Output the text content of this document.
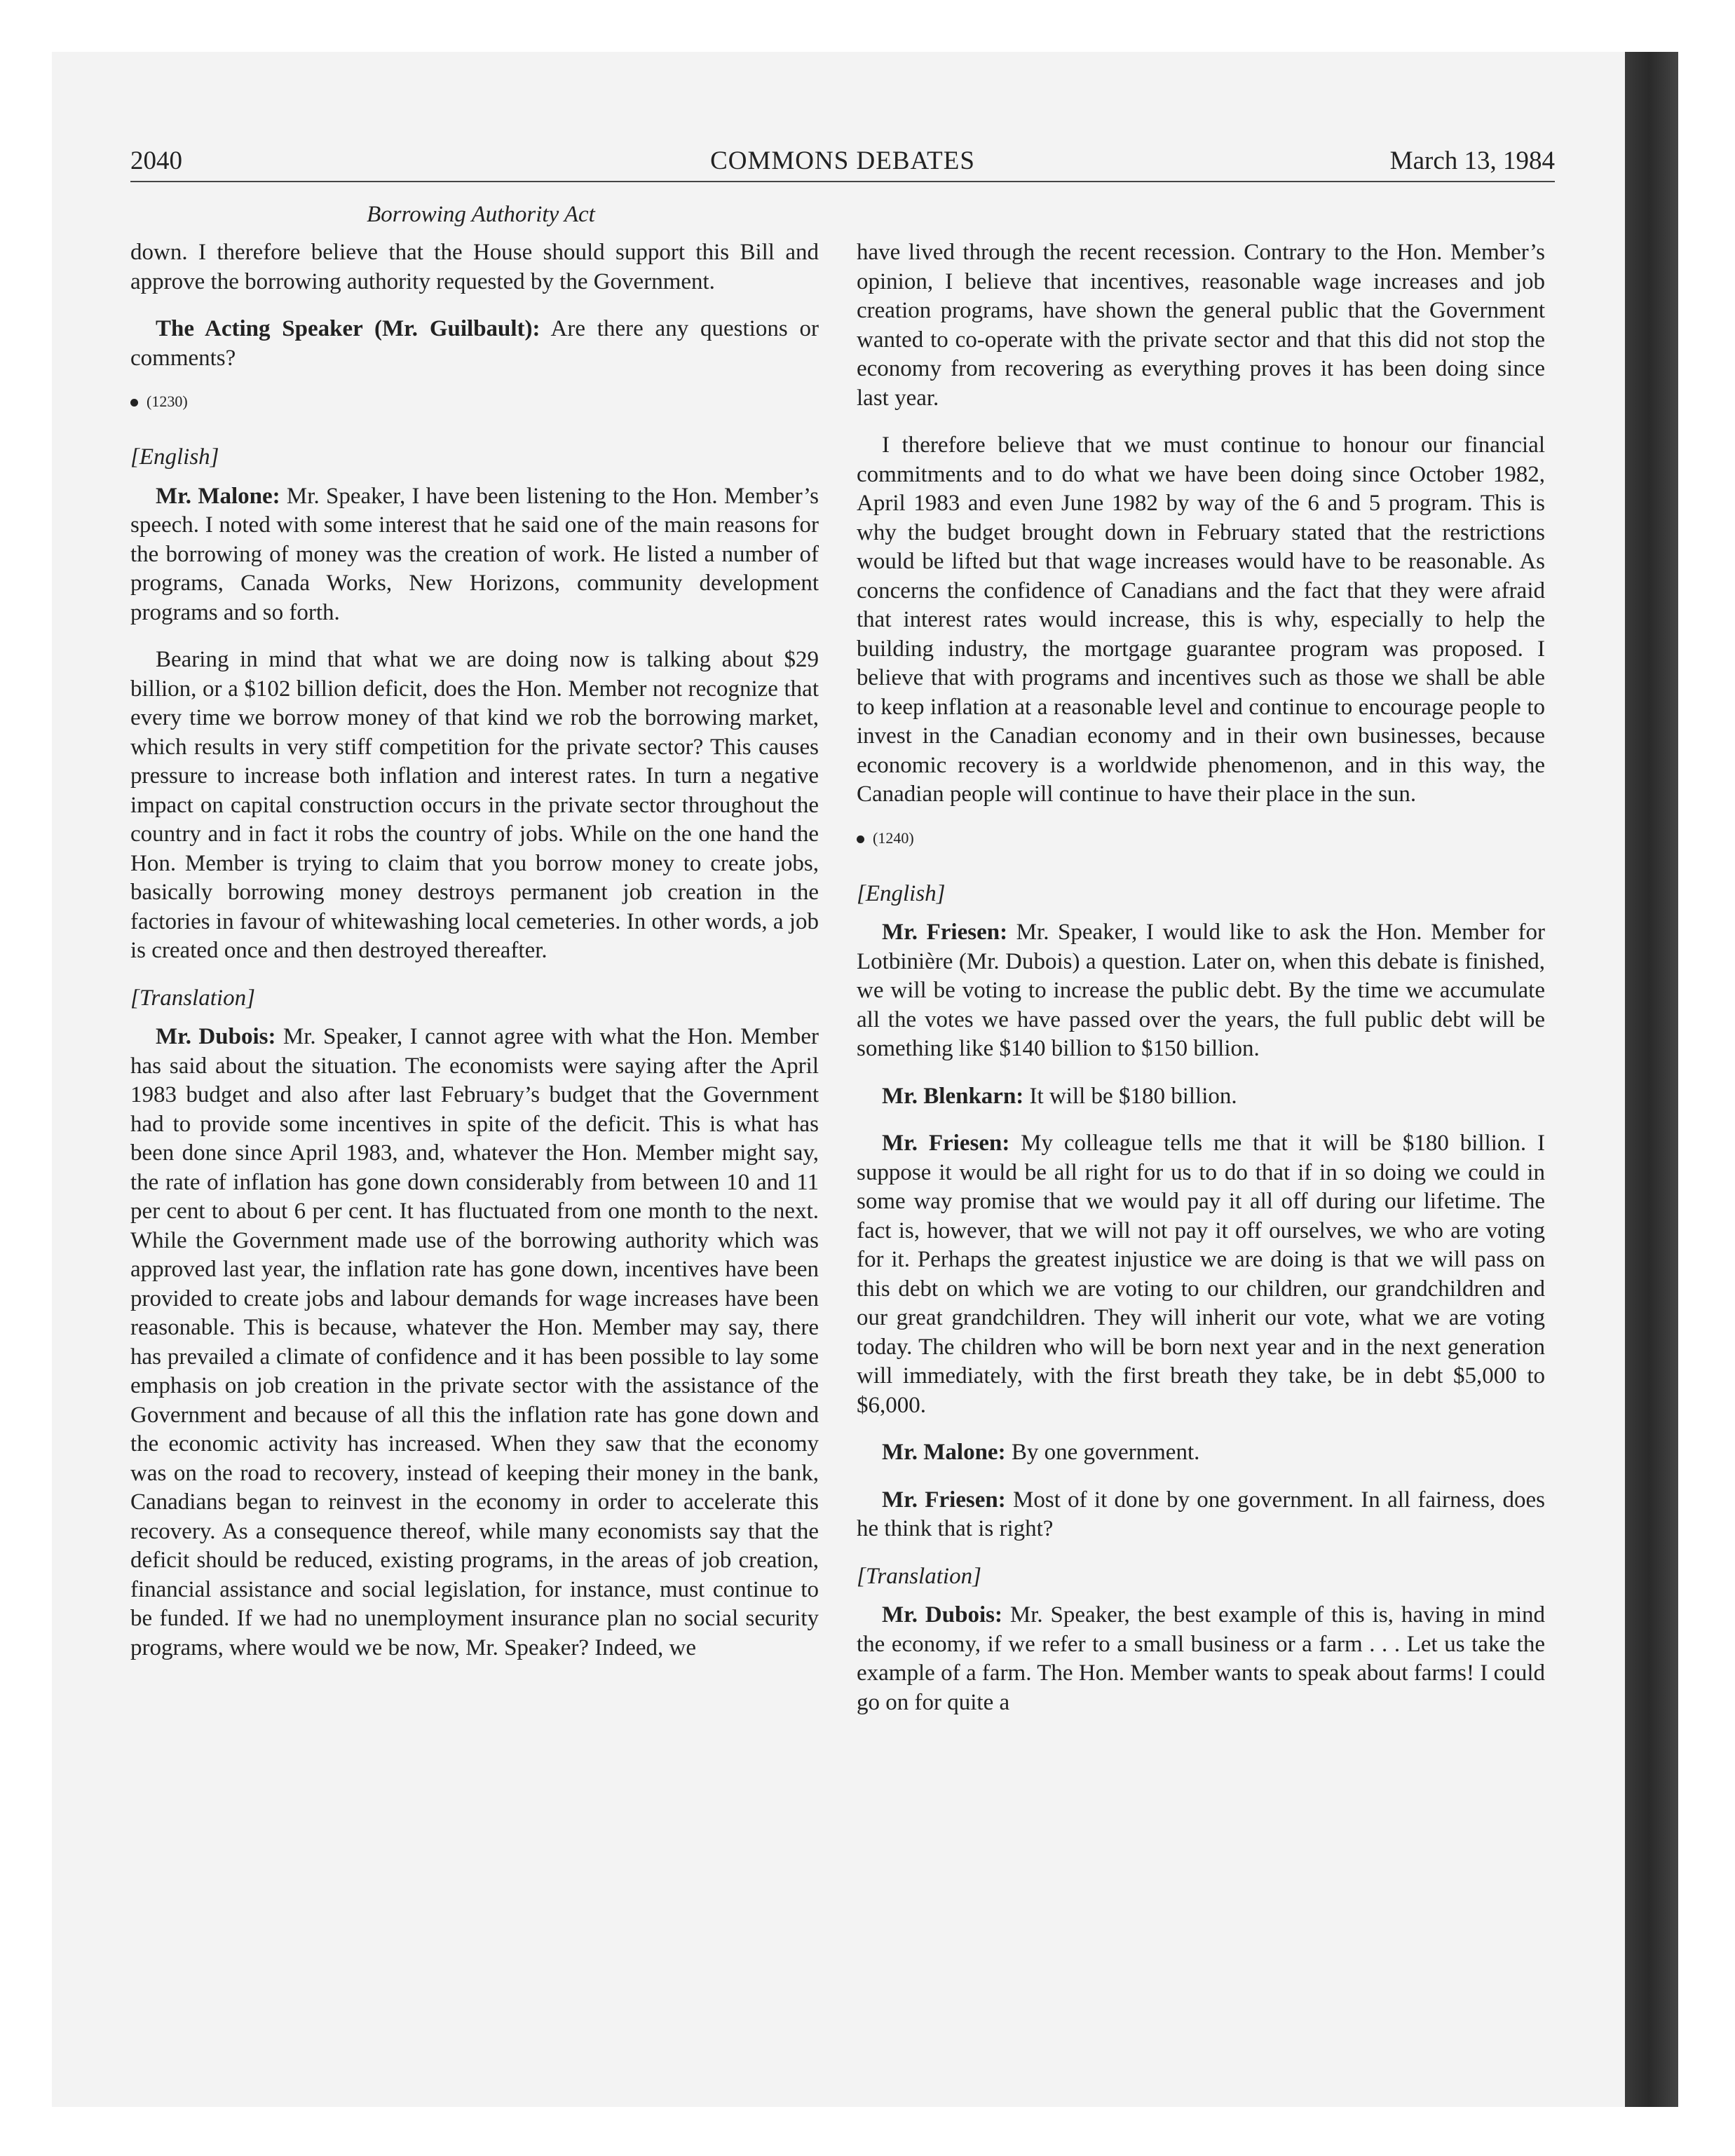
2040	COMMONS DEBATES	March 13, 1984
Borrowing Authority Act

down. I therefore believe that the House should support this Bill and approve the borrowing authority requested by the Government.

The Acting Speaker (Mr. Guilbault): Are there any questions or comments?

(1230)

[English]

Mr. Malone: Mr. Speaker, I have been listening to the Hon. Member’s speech. I noted with some interest that he said one of the main reasons for the borrowing of money was the creation of work. He listed a number of programs, Canada Works, New Horizons, community development programs and so forth.

Bearing in mind that what we are doing now is talking about $29 billion, or a $102 billion deficit, does the Hon. Member not recognize that every time we borrow money of that kind we rob the borrowing market, which results in very stiff competition for the private sector? This causes pressure to increase both inflation and interest rates. In turn a negative impact on capital construction occurs in the private sector throughout the country and in fact it robs the country of jobs. While on the one hand the Hon. Member is trying to claim that you borrow money to create jobs, basically borrowing money destroys permanent job creation in the factories in favour of whitewashing local cemeteries. In other words, a job is created once and then destroyed thereafter.

[Translation]

Mr. Dubois: Mr. Speaker, I cannot agree with what the Hon. Member has said about the situation. The economists were saying after the April 1983 budget and also after last February’s budget that the Government had to provide some incentives in spite of the deficit. This is what has been done since April 1983, and, whatever the Hon. Member might say, the rate of inflation has gone down considerably from between 10 and 11 per cent to about 6 per cent. It has fluctuated from one month to the next. While the Government made use of the borrowing authority which was approved last year, the inflation rate has gone down, incentives have been provided to create jobs and labour demands for wage increases have been reasonable. This is because, whatever the Hon. Member may say, there has prevailed a climate of confidence and it has been possible to lay some emphasis on job creation in the private sector with the assistance of the Government and because of all this the inflation rate has gone down and the economic activity has increased. When they saw that the economy was on the road to recovery, instead of keeping their money in the bank, Canadians began to reinvest in the economy in order to accelerate this recovery. As a consequence thereof, while many economists say that the deficit should be reduced, existing programs, in the areas of job creation, financial assistance and social legislation, for instance, must continue to be funded. If we had no unemployment insurance plan no social security programs, where would we be now, Mr. Speaker? Indeed, we

have lived through the recent recession. Contrary to the Hon. Member’s opinion, I believe that incentives, reasonable wage increases and job creation programs, have shown the general public that the Government wanted to co-operate with the private sector and that this did not stop the economy from recovering as everything proves it has been doing since last year.

I therefore believe that we must continue to honour our financial commitments and to do what we have been doing since October 1982, April 1983 and even June 1982 by way of the 6 and 5 program. This is why the budget brought down in February stated that the restrictions would be lifted but that wage increases would have to be reasonable. As concerns the confidence of Canadians and the fact that they were afraid that interest rates would increase, this is why, especially to help the building industry, the mortgage guarantee program was proposed. I believe that with programs and incentives such as those we shall be able to keep inflation at a reasonable level and continue to encourage people to invest in the Canadian economy and in their own businesses, because economic recovery is a worldwide phenomenon, and in this way, the Canadian people will continue to have their place in the sun.

(1240)

[English]

Mr. Friesen: Mr. Speaker, I would like to ask the Hon. Member for Lotbinière (Mr. Dubois) a question. Later on, when this debate is finished, we will be voting to increase the public debt. By the time we accumulate all the votes we have passed over the years, the full public debt will be something like $140 billion to $150 billion.

Mr. Blenkarn: It will be $180 billion.

Mr. Friesen: My colleague tells me that it will be $180 billion. I suppose it would be all right for us to do that if in so doing we could in some way promise that we would pay it all off during our lifetime. The fact is, however, that we will not pay it off ourselves, we who are voting for it. Perhaps the greatest injustice we are doing is that we will pass on this debt on which we are voting to our children, our grandchildren and our great grandchildren. They will inherit our vote, what we are voting today. The children who will be born next year and in the next generation will immediately, with the first breath they take, be in debt $5,000 to $6,000.

Mr. Malone: By one government.

Mr. Friesen: Most of it done by one government. In all fairness, does he think that is right?

[Translation]

Mr. Dubois: Mr. Speaker, the best example of this is, having in mind the economy, if we refer to a small business or a farm . . . Let us take the example of a farm. The Hon. Member wants to speak about farms! I could go on for quite a
